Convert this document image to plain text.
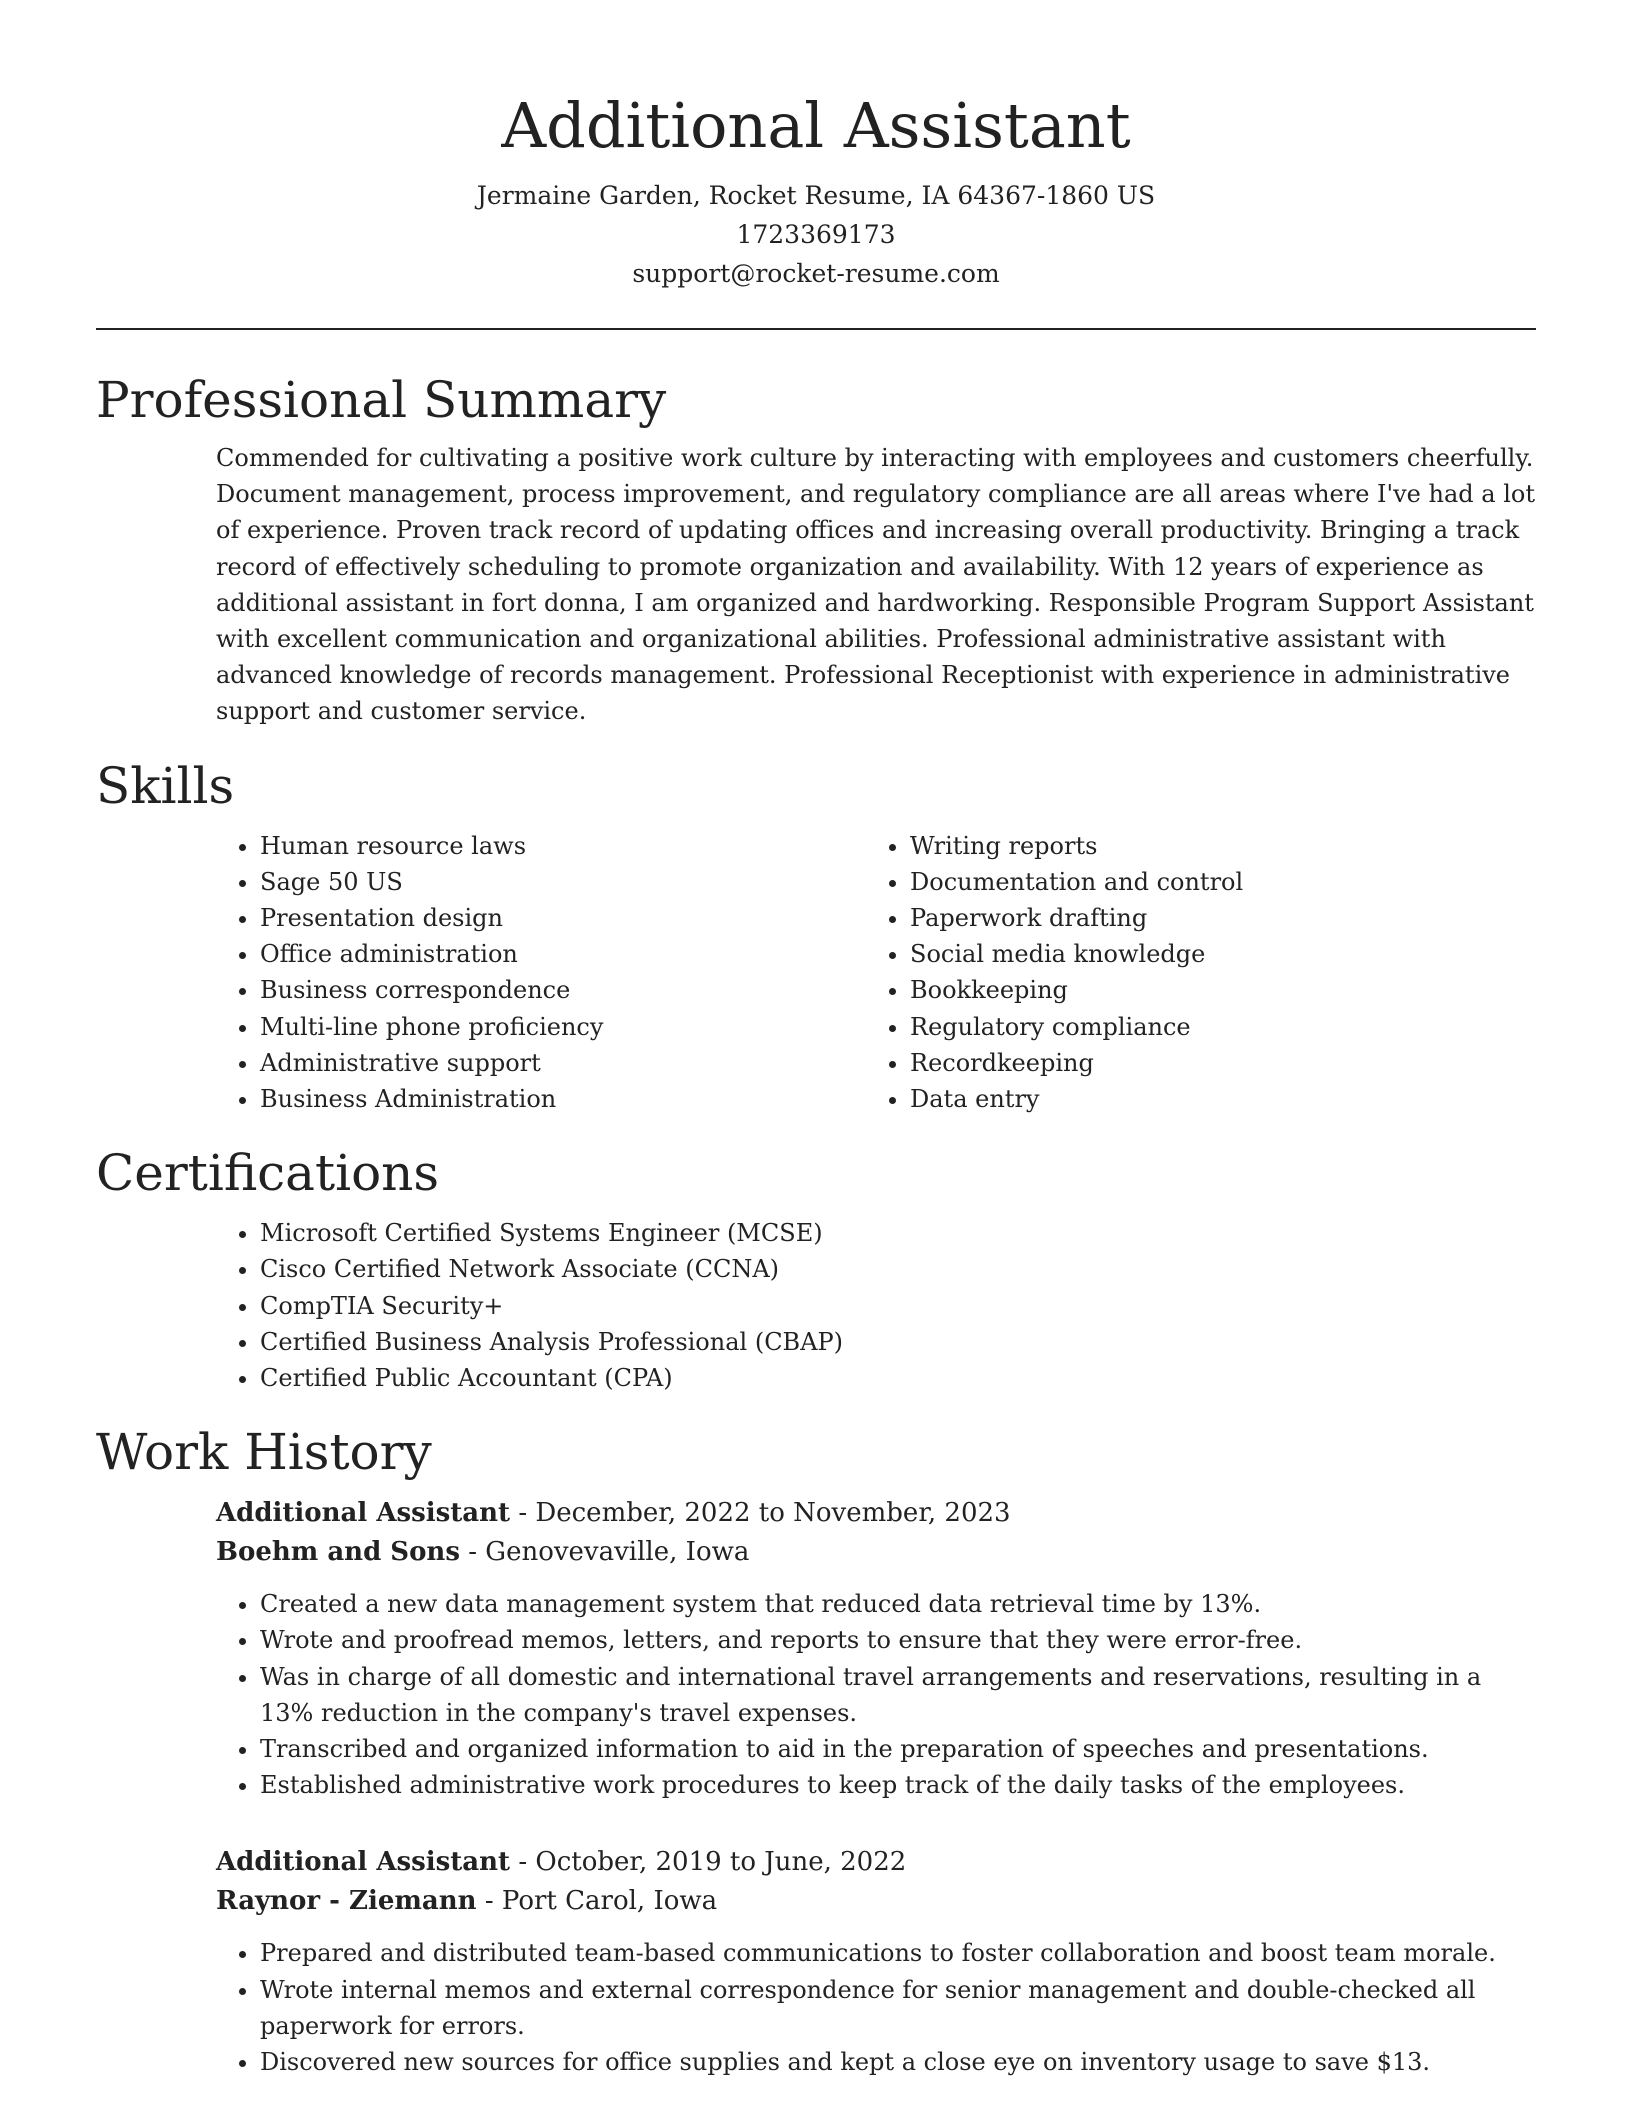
Additional Assistant
Jermaine Garden, Rocket Resume, IA 64367-1860 US
1723369173
support@rocket-resume.com
Professional Summary

Commended for cultivating a positive work culture by interacting with employees and customers cheerfully. Document management, process improvement, and regulatory compliance are all areas where I've had a lot of experience. Proven track record of updating offices and increasing overall productivity. Bringing a track record of effectively scheduling to promote organization and availability. With 12 years of experience as additional assistant in fort donna, I am organized and hardworking. Responsible Program Support Assistant with excellent communication and organizational abilities. Professional administrative assistant with advanced knowledge of records management. Professional Receptionist with experience in administrative support and customer service.

Skills
• Human resource laws
• Sage 50 US
• Presentation design
• Office administration
• Business correspondence
• Multi-line phone proficiency
• Administrative support
• Business Administration
• Writing reports
• Documentation and control
• Paperwork drafting
• Social media knowledge
• Bookkeeping
• Regulatory compliance
• Recordkeeping
• Data entry
Certifications
• Microsoft Certified Systems Engineer (MCSE)
• Cisco Certified Network Associate (CCNA)
• CompTIA Security+
• Certified Business Analysis Professional (CBAP)
• Certified Public Accountant (CPA)
Work History
Additional Assistant - December, 2022 to November, 2023
Boehm and Sons - Genovevaville, Iowa
• Created a new data management system that reduced data retrieval time by 13%.
• Wrote and proofread memos, letters, and reports to ensure that they were error-free.
• Was in charge of all domestic and international travel arrangements and reservations, resulting in a 13% reduction in the company's travel expenses.
• Transcribed and organized information to aid in the preparation of speeches and presentations.
• Established administrative work procedures to keep track of the daily tasks of the employees.
Additional Assistant - October, 2019 to June, 2022
Raynor - Ziemann - Port Carol, Iowa
• Prepared and distributed team-based communications to foster collaboration and boost team morale.
• Wrote internal memos and external correspondence for senior management and double-checked all paperwork for errors.
• Discovered new sources for office supplies and kept a close eye on inventory usage to save $13.
